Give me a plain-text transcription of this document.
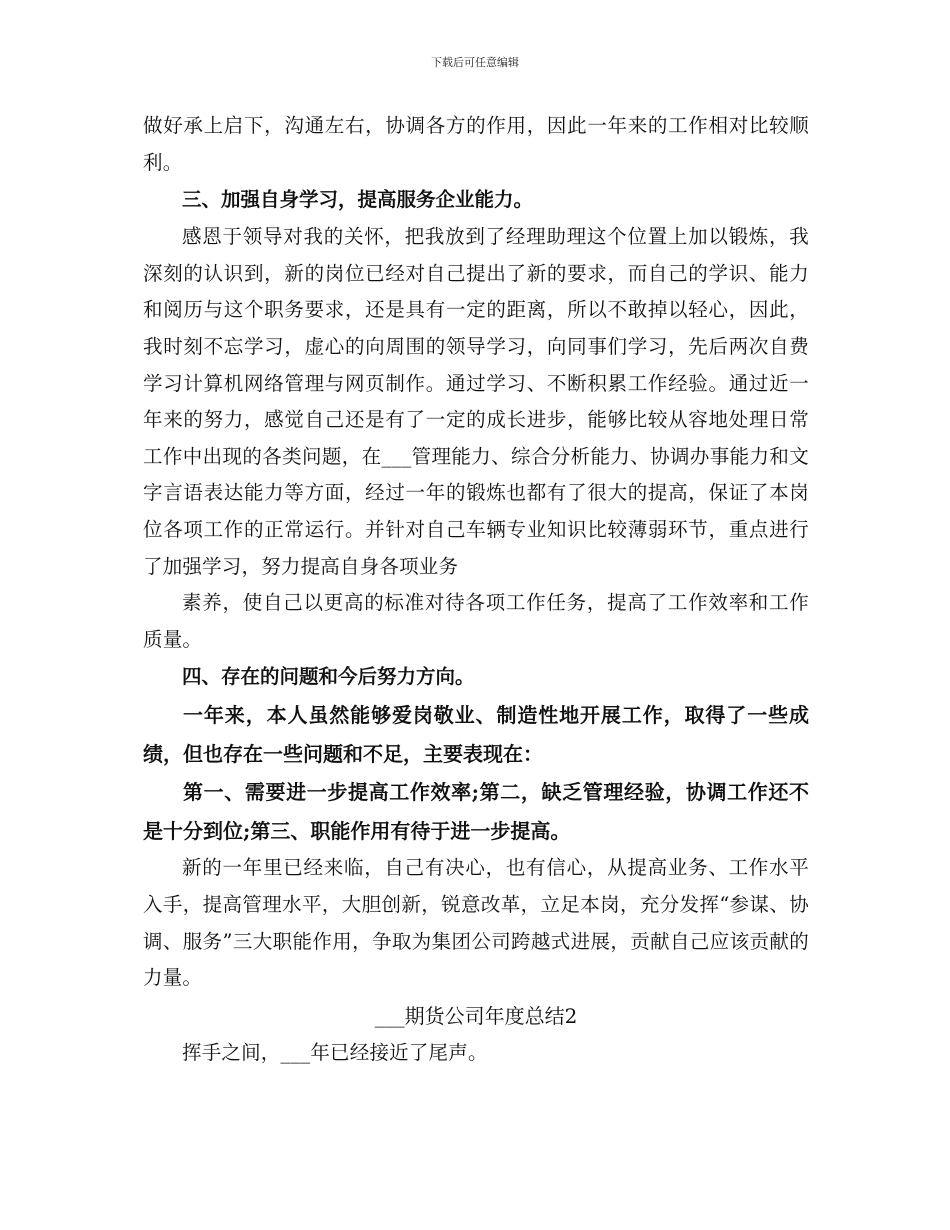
下载后可任意编辑

做好承上启下，沟通左右，协调各方的作用，因此一年来的工作相对比较顺利。

三、加强自身学习，提高服务企业能力。

感恩于领导对我的关怀，把我放到了经理助理这个位置上加以锻炼，我深刻的认识到，新的岗位已经对自己提出了新的要求，而自己的学识、能力和阅历与这个职务要求，还是具有一定的距离，所以不敢掉以轻心，因此，我时刻不忘学习，虚心的向周围的领导学习，向同事们学习，先后两次自费学习计算机网络管理与网页制作。通过学习、不断积累工作经验。通过近一年来的努力，感觉自己还是有了一定的成长进步，能够比较从容地处理日常工作中出现的各类问题，在___管理能力、综合分析能力、协调办事能力和文字言语表达能力等方面，经过一年的锻炼也都有了很大的提高，保证了本岗位各项工作的正常运行。并针对自己车辆专业知识比较薄弱环节，重点进行了加强学习，努力提高自身各项业务

素养，使自己以更高的标准对待各项工作任务，提高了工作效率和工作质量。

四、存在的问题和今后努力方向。

一年来，本人虽然能够爱岗敬业、制造性地开展工作，取得了一些成绩，但也存在一些问题和不足，主要表现在：

第一、需要进一步提高工作效率;第二，缺乏管理经验，协调工作还不是十分到位;第三、职能作用有待于进一步提高。

新的一年里已经来临，自己有决心，也有信心，从提高业务、工作水平入手，提高管理水平，大胆创新，锐意改革，立足本岗，充分发挥“参谋、协调、服务”三大职能作用，争取为集团公司跨越式进展，贡献自己应该贡献的力量。

___期货公司年度总结2

挥手之间，___年已经接近了尾声。
